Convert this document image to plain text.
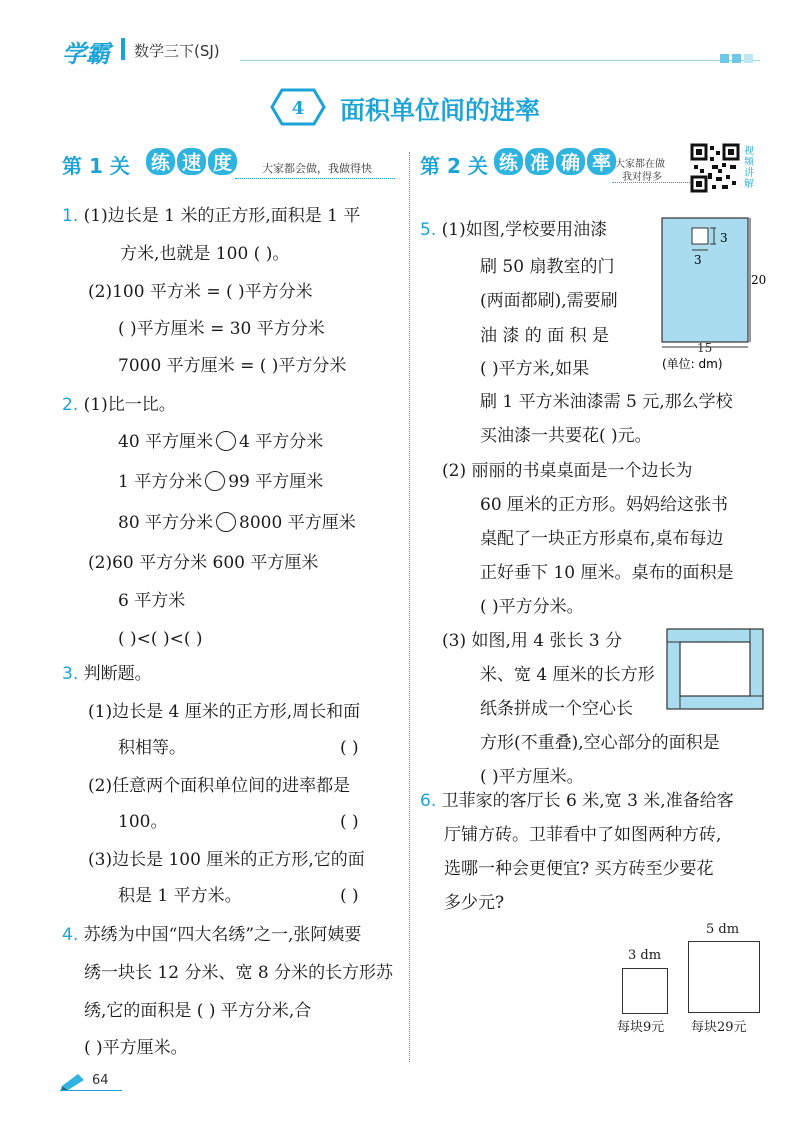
学霸 数学三下(SJ)
4 面积单位间的进率
第 1 关 练 速 度	大家都会做，我做得快 第 2 关 练 准 确 率 大家都在做
我对得多
视
频
讲
解
1. (1)边长是 1 米的正方形,面积是 1 平
方米,也就是 100 ( )。
(2)100 平方米 = ( )平方分米
( )平方厘米 = 30 平方分米
7000 平方厘米 = ( )平方分米
2. (1)比一比。
40 平方厘米 4 平方分米
1 平方分米 99 平方厘米
80 平方分米 8000 平方厘米
(2)60 平方分米 600 平方厘米
6 平方米
( )<( )<( )
3. 判断题。
(1)边长是 4 厘米的正方形,周长和面
积相等。	( )
(2)任意两个面积单位间的进率都是
100。	( )
(3)边长是 100 厘米的正方形,它的面
积是 1 平方米。	( )
4. 苏绣为中国“四大名绣”之一,张阿姨要
绣一块长 12 分米、宽 8 分米的长方形苏
绣,它的面积是 ( ) 平方分米,合
( )平方厘米。
5. (1)如图,学校要用油漆
刷 50 扇教室的门
(两面都刷),需要刷
油 漆 的 面 积 是
( )平方米,如果
刷 1 平方米油漆需 5 元,那么学校
买油漆一共要花( )元。
3
3
20
15
(单位: dm)
(2) 丽丽的书桌桌面是一个边长为
60 厘米的正方形。妈妈给这张书
桌配了一块正方形桌布,桌布每边
正好垂下 10 厘米。桌布的面积是
( )平方分米。
(3) 如图,用 4 张长 3 分
米、宽 4 厘米的长方形
纸条拼成一个空心长
方形(不重叠),空心部分的面积是
( )平方厘米。
6. 卫菲家的客厅长 6 米,宽 3 米,准备给客
厅铺方砖。卫菲看中了如图两种方砖,
选哪一种会更便宜? 买方砖至少要花
多少元?
3 dm
每块9元
5 dm
每块29元
64
